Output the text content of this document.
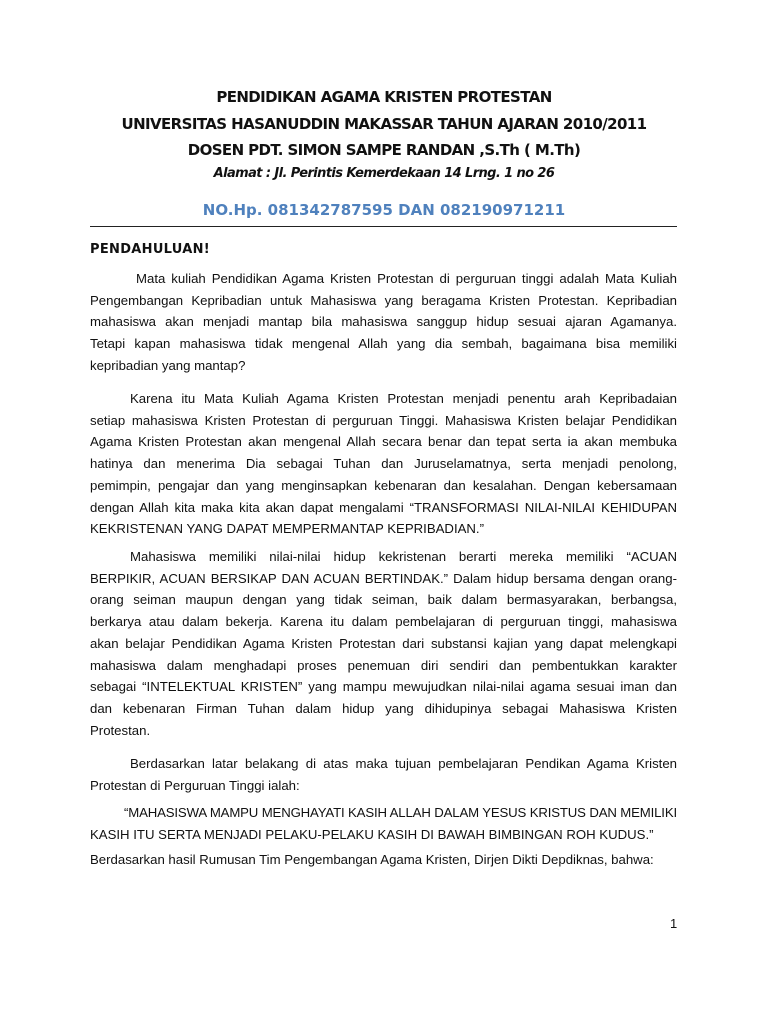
PENDIDIKAN AGAMA KRISTEN PROTESTAN
UNIVERSITAS HASANUDDIN MAKASSAR TAHUN AJARAN 2010/2011
DOSEN PDT. SIMON SAMPE RANDAN ,S.Th ( M.Th)
Alamat : Jl. Perintis Kemerdekaan 14 Lrng. 1 no 26
NO.Hp. 081342787595 DAN 082190971211
PENDAHULUAN!
Mata kuliah Pendidikan Agama Kristen Protestan di perguruan tinggi adalah Mata Kuliah
Pengembangan Kepribadian untuk Mahasiswa yang beragama Kristen Protestan. Kepribadian
mahasiswa akan menjadi mantap bila mahasiswa sanggup hidup sesuai ajaran Agamanya.
Tetapi kapan mahasiswa tidak mengenal Allah yang dia sembah, bagaimana bisa memiliki
kepribadian yang mantap?
Karena itu Mata Kuliah Agama Kristen Protestan menjadi penentu arah Kepribadaian
setiap mahasiswa Kristen Protestan di perguruan Tinggi. Mahasiswa Kristen belajar Pendidikan
Agama Kristen Protestan akan mengenal Allah secara benar dan tepat serta ia akan membuka
hatinya dan menerima Dia sebagai Tuhan dan Juruselamatnya, serta menjadi penolong,
pemimpin, pengajar dan yang menginsapkan kebenaran dan kesalahan. Dengan kebersamaan
dengan Allah kita maka kita akan dapat mengalami “TRANSFORMASI NILAI-NILAI KEHIDUPAN
KEKRISTENAN YANG DAPAT MEMPERMANTAP KEPRIBADIAN.”
Mahasiswa memiliki nilai-nilai hidup kekristenan berarti mereka memiliki “ACUAN
BERPIKIR, ACUAN BERSIKAP DAN ACUAN BERTINDAK.” Dalam hidup bersama dengan orang-
orang seiman maupun dengan yang tidak seiman, baik dalam bermasyarakan, berbangsa,
berkarya atau dalam bekerja. Karena itu dalam pembelajaran di perguruan tinggi, mahasiswa
akan belajar Pendidikan Agama Kristen Protestan dari substansi kajian yang dapat melengkapi
mahasiswa dalam menghadapi proses penemuan diri sendiri dan pembentukkan karakter
sebagai “INTELEKTUAL KRISTEN” yang mampu mewujudkan nilai-nilai agama sesuai iman dan
dan kebenaran Firman Tuhan dalam hidup yang dihidupinya sebagai Mahasiswa Kristen
Protestan.
Berdasarkan latar belakang di atas maka tujuan pembelajaran Pendikan Agama Kristen
Protestan di Perguruan Tinggi ialah:
“MAHASISWA MAMPU MENGHAYATI KASIH ALLAH DALAM YESUS KRISTUS DAN MEMILIKI
KASIH ITU SERTA MENJADI PELAKU-PELAKU KASIH DI BAWAH BIMBINGAN ROH KUDUS.”
Berdasarkan hasil Rumusan Tim Pengembangan Agama Kristen, Dirjen Dikti Depdiknas, bahwa:
1
